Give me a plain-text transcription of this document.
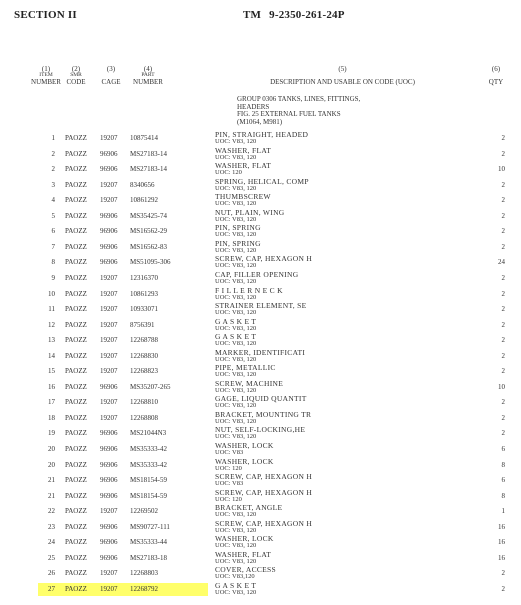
SECTION II	TM 9-2350-261-24P
(1)
ITEM
NUMBER
(2)
SMR
CODE
(3)
CAGE
(4)
PART
NUMBER
(5)
DESCRIPTION AND USABLE ON CODE (UOC)
(6)
QTY
GROUP 0306 TANKS, LINES, FITTINGS,
HEADERS
FIG. 25 EXTERNAL FUEL TANKS
(M1064, M981)
1 PAOZZ 19207 10875414	PIN, STRAIGHT, HEADED
UOC: V83, 120	2
2 PAOZZ 96906 MS27183-14	WASHER, FLAT
UOC: V83, 120	2
2 PAOZZ 96906 MS27183-14	WASHER, FLAT
UOC: 120	10
3 PAOZZ 19207 8340656	SPRING, HELICAL, COMP
UOC: V83, 120	2
4 PAOZZ 19207 10861292	THUMBSCREW
UOC: V83, 120	2
5 PAOZZ 96906 MS35425-74	NUT, PLAIN, WING
UOC: V83, 120	2
6 PAOZZ 96906 MS16562-29	PIN, SPRING
UOC: V83, 120	2
7 PAOZZ 96906 MS16562-83	PIN, SPRING
UOC: V83, 120	2
8 PAOZZ 96906 MS51095-306	SCREW, CAP, HEXAGON H
UOC: V83, 120	24
9 PAOZZ 19207 12316370	CAP, FILLER OPENING
UOC: V83, 120	2
10 PAOZZ 19207 10861293	F I L L E R N E C K
UOC: V83, 120	2
11 PAOZZ 19207 10933071	STRAINER ELEMENT, SE
UOC: V83, 120	2
12 PAOZZ 19207 8756391	G A S K E T
UOC: V83, 120	2
13 PAOZZ 19207 12268788	G A S K E T
UOC: V83, 120	2
14 PAOZZ 19207 12268830	MARKER, IDENTIFICATI
UOC: V83, 120	2
15 PAOZZ 19207 12268823	PIPE, METALLIC
UOC: V83, 120	2
16 PAOZZ 96906 MS35207-265	SCREW, MACHINE
UOC: V83, 120	10
17 PAOZZ 19207 12268810	GAGE, LIQUID QUANTIT
UOC: V83, 120	2
18 PAOZZ 19207 12268808	BRACKET, MOUNTING TR
UOC: V83, 120	2
19 PAOZZ 96906 MS21044N3	NUT, SELF-LOCKING,HE
UOC: V83, 120	2
20 PAOZZ 96906 MS35333-42	WASHER, LOCK
UOC: V83	6
20 PAOZZ 96906 MS35333-42	WASHER, LOCK
UOC: 120	8
21 PAOZZ 96906 MS18154-59	SCREW, CAP, HEXAGON H
UOC: V83	6
21 PAOZZ 96906 MS18154-59	SCREW, CAP, HEXAGON H
UOC: 120	8
22 PAOZZ 19207 12269502	BRACKET, ANGLE
UOC: V83, 120	1
23 PAOZZ 96906 MS90727-111	SCREW, CAP, HEXAGON H
UOC: V83, 120	16
24 PAOZZ 96906 MS35333-44	WASHER, LOCK
UOC: V83, 120	16
25 PAOZZ 96906 MS27183-18	WASHER, FLAT
UOC: V83, 120	16
26 PAOZZ 19207 12268803	COVER, ACCESS
UOC: V83,120	2
27 PAOZZ 19207 12268792	G A S K E T
UOC: V83, 120	2
